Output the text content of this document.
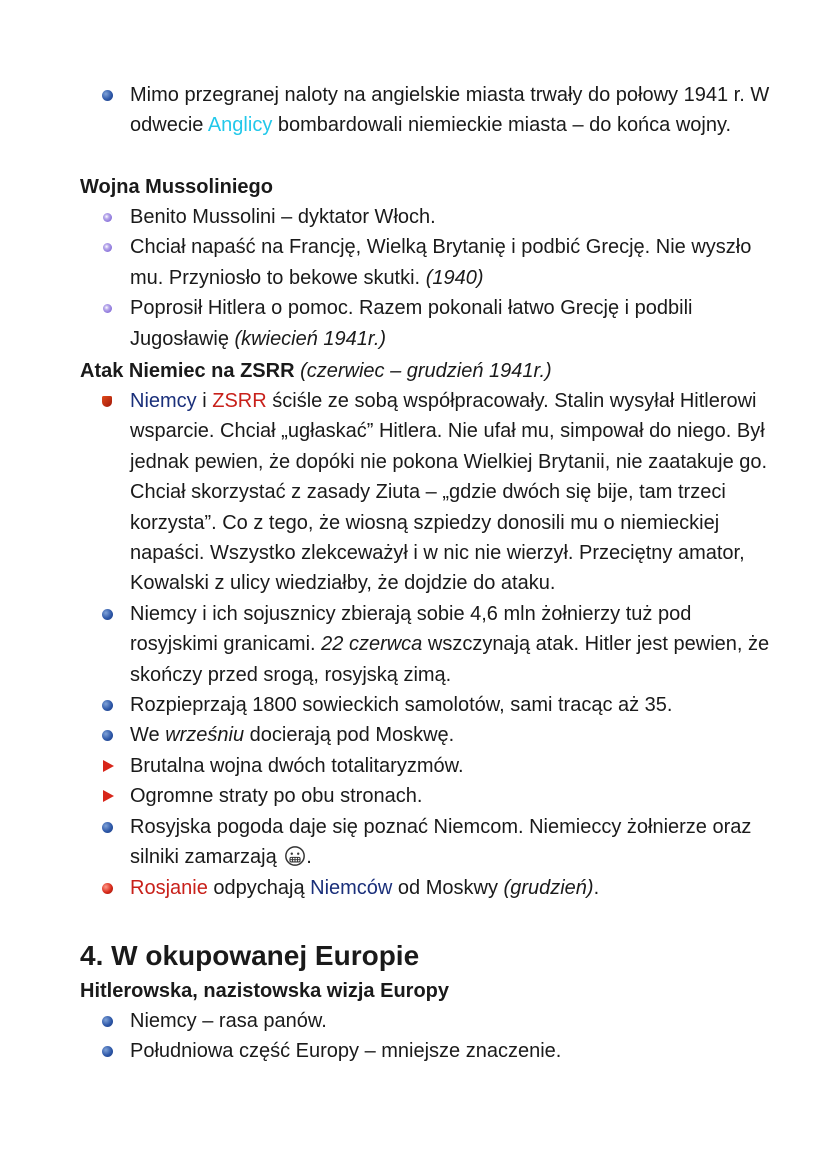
Mimo przegranej naloty na angielskie miasta trwały do połowy 1941 r. W odwecie Anglicy bombardowali niemieckie miasta – do końca wojny.

Wojna Mussoliniego

Benito Mussolini – dyktator Włoch.
Chciał napaść na Francję, Wielką Brytanię i podbić Grecję. Nie wyszło mu. Przyniosło to bekowe skutki. (1940)
Poprosił Hitlera o pomoc. Razem pokonali łatwo Grecję i podbili Jugosławię (kwiecień 1941r.)

Atak Niemiec na ZSRR (czerwiec – grudzień 1941r.)

Niemcy i ZSRR ściśle ze sobą współpracowały. Stalin wysyłał Hitlerowi wsparcie. Chciał „ugłaskać” Hitlera. Nie ufał mu, simpował do niego. Był jednak pewien, że dopóki nie pokona Wielkiej Brytanii, nie zaatakuje go. Chciał skorzystać z zasady Ziuta – „gdzie dwóch się bije, tam trzeci korzysta”. Co z tego, że wiosną szpiedzy donosili mu o niemieckiej napaści. Wszystko zlekceważył i w nic nie wierzył. Przeciętny amator, Kowalski z ulicy wiedziałby, że dojdzie do ataku.
Niemcy i ich sojusznicy zbierają sobie 4,6 mln żołnierzy tuż pod rosyjskimi granicami. 22 czerwca wszczynają atak. Hitler jest pewien, że skończy przed srogą, rosyjską zimą.
Rozpieprzają 1800 sowieckich samolotów, sami tracąc aż 35.
We wrześniu docierają pod Moskwę.
Brutalna wojna dwóch totalitaryzmów.
Ogromne straty po obu stronach.
Rosyjska pogoda daje się poznać Niemcom. Niemieccy żołnierze oraz silniki zamarzają .
Rosjanie odpychają Niemców od Moskwy (grudzień).
4. W okupowanej Europie

Hitlerowska, nazistowska wizja Europy

Niemcy – rasa panów.
Południowa część Europy – mniejsze znaczenie.
